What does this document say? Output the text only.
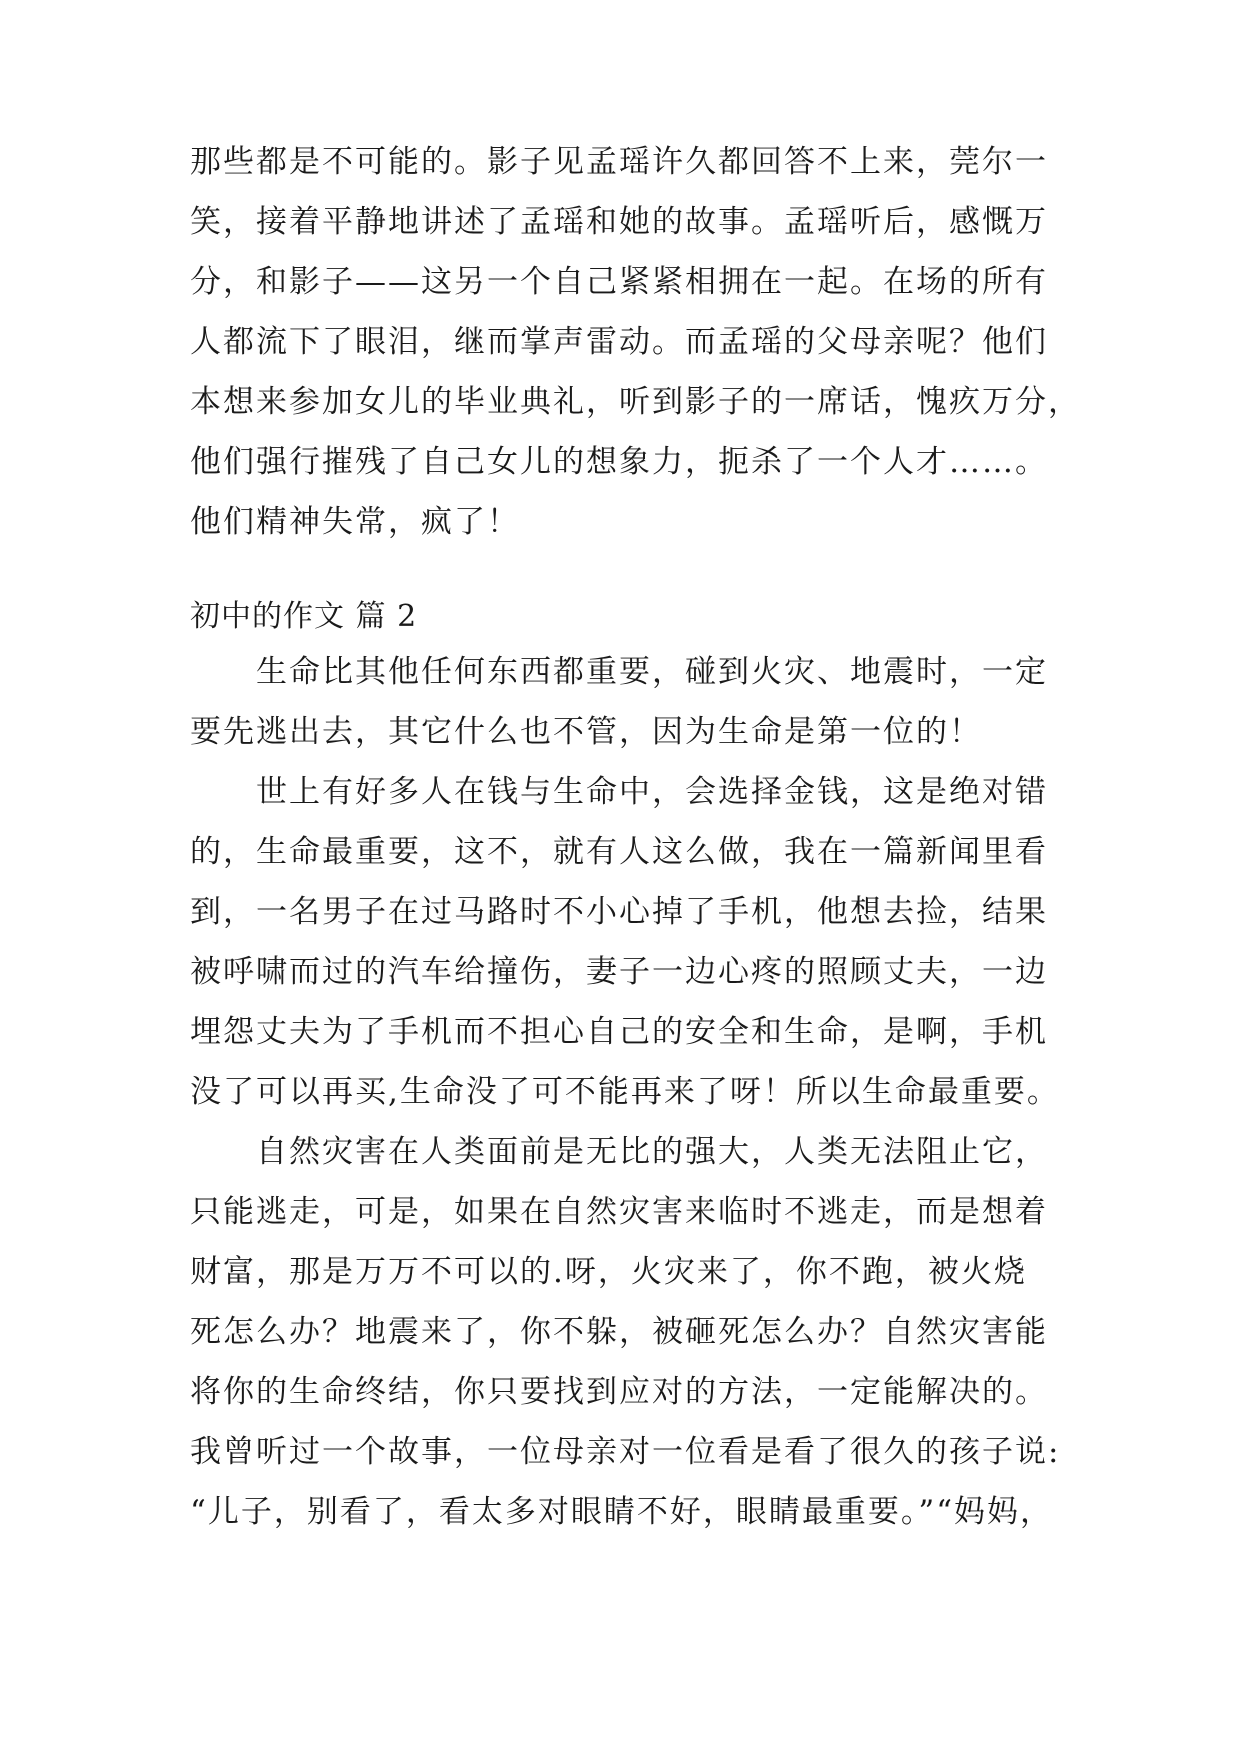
那些都是不可能的。影子见孟瑶许久都回答不上来，莞尔一
笑，接着平静地讲述了孟瑶和她的故事。孟瑶听后，感慨万
分，和影子——这另一个自己紧紧相拥在一起。在场的所有
人都流下了眼泪，继而掌声雷动。而孟瑶的父母亲呢？他们
本想来参加女儿的毕业典礼，听到影子的一席话，愧疚万分，
他们强行摧残了自己女儿的想象力，扼杀了一个人才……。
他们精神失常，疯了！
初中的作文 篇 2
生命比其他任何东西都重要，碰到火灾、地震时，一定
要先逃出去，其它什么也不管，因为生命是第一位的！
世上有好多人在钱与生命中，会选择金钱，这是绝对错
的，生命最重要，这不，就有人这么做，我在一篇新闻里看
到，一名男子在过马路时不小心掉了手机，他想去捡，结果
被呼啸而过的汽车给撞伤，妻子一边心疼的照顾丈夫，一边
埋怨丈夫为了手机而不担心自己的安全和生命，是啊，手机
没了可以再买,生命没了可不能再来了呀！所以生命最重要。
自然灾害在人类面前是无比的强大，人类无法阻止它，
只能逃走，可是，如果在自然灾害来临时不逃走，而是想着
财富，那是万万不可以的.呀，火灾来了，你不跑，被火烧
死怎么办？地震来了，你不躲，被砸死怎么办？自然灾害能
将你的生命终结，你只要找到应对的方法，一定能解决的。
我曾听过一个故事，一位母亲对一位看是看了很久的孩子说:
“儿子，别看了，看太多对眼睛不好，眼睛最重要。”“妈妈，
